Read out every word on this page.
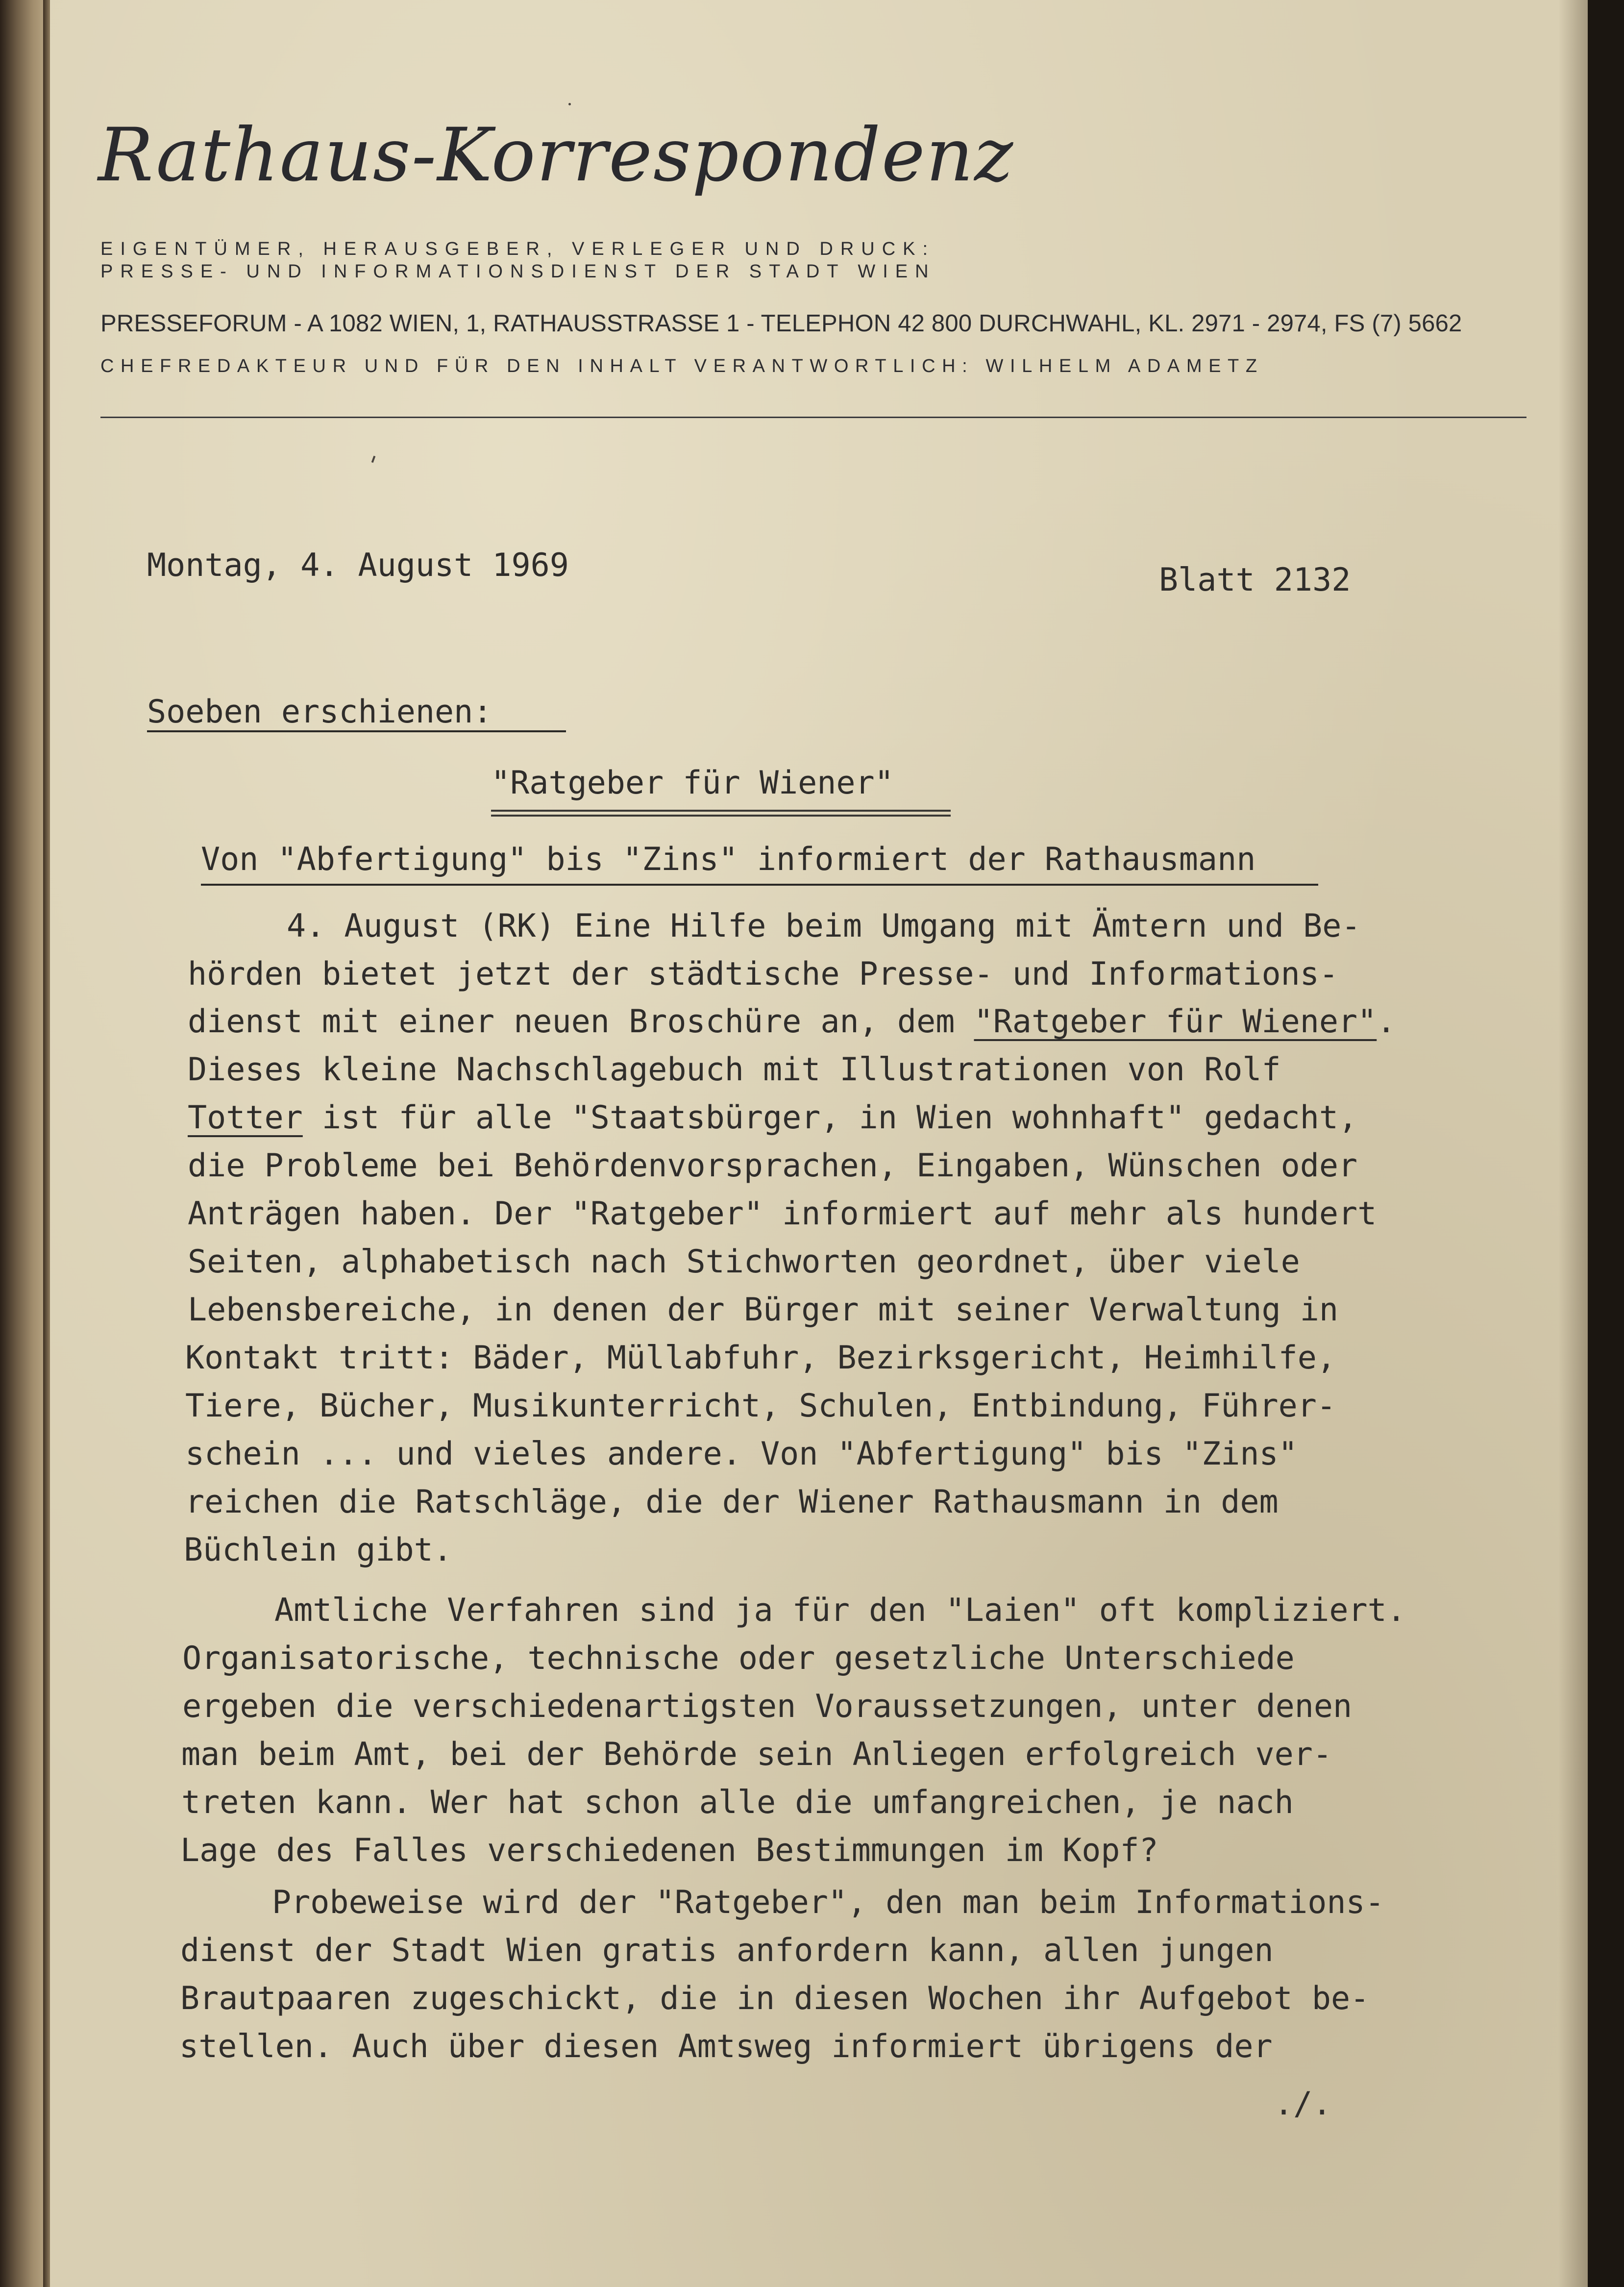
Rathaus-Korrespondenz
EIGENTÜMER, HERAUSGEBER, VERLEGER UND DRUCK:
PRESSE- UND INFORMATIONSDIENST DER STADT WIEN
PRESSEFORUM - A 1082 WIEN, 1, RATHAUSSTRASSE 1 - TELEPHON 42 800 DURCHWAHL, KL. 2971 - 2974, FS (7) 5662
CHEFREDAKTEUR UND FÜR DEN INHALT VERANTWORTLICH: WILHELM ADAMETZ
Montag, 4. August 1969	Blatt 2132
Soeben erschienen:
"Ratgeber für Wiener"
Von "Abfertigung" bis "Zins" informiert der Rathausmann
4. August (RK) Eine Hilfe beim Umgang mit Ämtern und Be-
hörden bietet jetzt der städtische Presse- und Informations-
dienst mit einer neuen Broschüre an, dem "Ratgeber für Wiener".
Dieses kleine Nachschlagebuch mit Illustrationen von Rolf
Totter ist für alle "Staatsbürger, in Wien wohnhaft" gedacht,
die Probleme bei Behördenvorsprachen, Eingaben, Wünschen oder
Anträgen haben. Der "Ratgeber" informiert auf mehr als hundert
Seiten, alphabetisch nach Stichworten geordnet, über viele
Lebensbereiche, in denen der Bürger mit seiner Verwaltung in
Kontakt tritt: Bäder, Müllabfuhr, Bezirksgericht, Heimhilfe,
Tiere, Bücher, Musikunterricht, Schulen, Entbindung, Führer-
schein ... und vieles andere. Von "Abfertigung" bis "Zins"
reichen die Ratschläge, die der Wiener Rathausmann in dem
Büchlein gibt.
Amtliche Verfahren sind ja für den "Laien" oft kompliziert.
Organisatorische, technische oder gesetzliche Unterschiede
ergeben die verschiedenartigsten Voraussetzungen, unter denen
man beim Amt, bei der Behörde sein Anliegen erfolgreich ver-
treten kann. Wer hat schon alle die umfangreichen, je nach
Lage des Falles verschiedenen Bestimmungen im Kopf?
Probeweise wird der "Ratgeber", den man beim Informations-
dienst der Stadt Wien gratis anfordern kann, allen jungen
Brautpaaren zugeschickt, die in diesen Wochen ihr Aufgebot be-
stellen. Auch über diesen Amtsweg informiert übrigens der
./.
